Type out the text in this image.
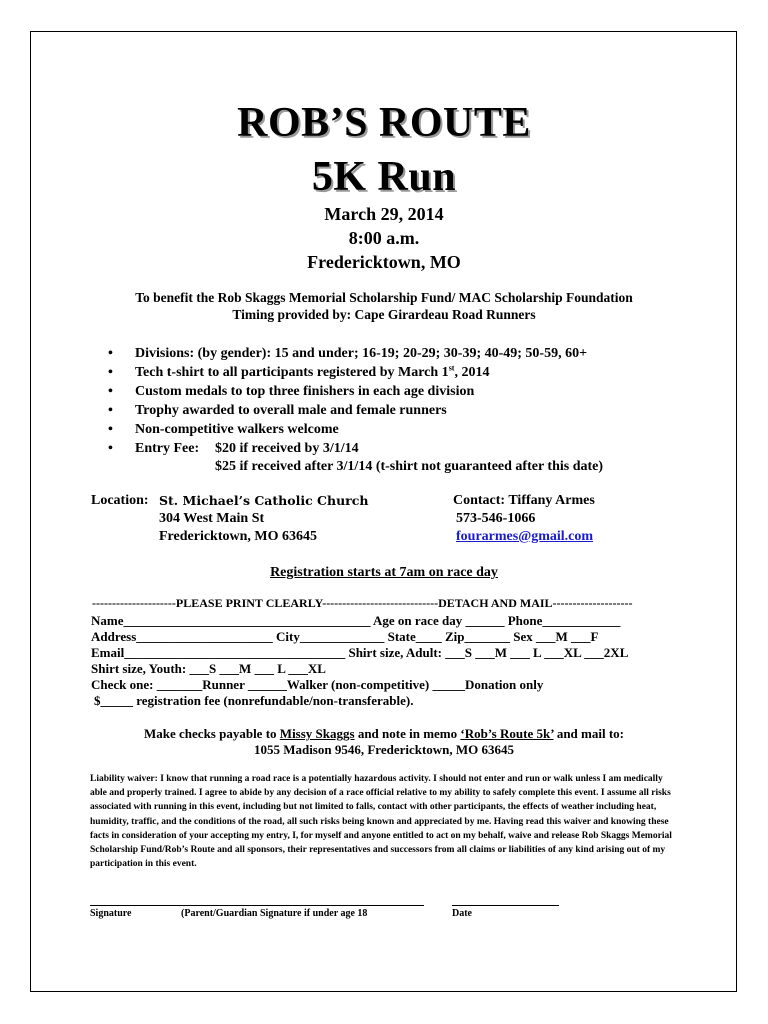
ROB’S ROUTE
5K Run
March 29, 2014
8:00 a.m.
Fredericktown, MO
To benefit the Rob Skaggs Memorial Scholarship Fund/ MAC Scholarship Foundation
Timing provided by: Cape Girardeau Road Runners
• Divisions: (by gender): 15 and under; 16-19; 20-29; 30-39; 40-49; 50-59, 60+
• Tech t-shirt to all participants registered by March 1st, 2014
• Custom medals to top three finishers in each age division
• Trophy awarded to overall male and female runners
• Non-competitive walkers welcome
• Entry Fee: $20 if received by 3/1/14
$25 if received after 3/1/14 (t-shirt not guaranteed after this date)
Location: St. Michael’s Catholic Church
304 West Main St
Fredericktown, MO 63645
Contact: Tiffany Armes
573-546-1066
fourarmes@gmail.com
Registration starts at 7am on race day
---------------------PLEASE PRINT CLEARLY-----------------------------DETACH AND MAIL--------------------
Name______________________________________ Age on race day ______ Phone____________
Address_____________________ City_____________ State____ Zip_______ Sex ___M ___F
Email__________________________________ Shirt size, Adult: ___S ___M ___ L ___XL ___2XL
Shirt size, Youth: ___S ___M ___ L ___XL
Check one: _______Runner ______Walker (non-competitive) _____Donation only
$_____ registration fee (nonrefundable/non-transferable).
Make checks payable to Missy Skaggs and note in memo ‘Rob’s Route 5k’ and mail to:
1055 Madison 9546, Fredericktown, MO 63645
Liability waiver: I know that running a road race is a potentially hazardous activity. I should not enter and run or walk unless I am medically able and properly trained. I agree to abide by any decision of a race official relative to my ability to safely complete this event. I assume all risks associated with running in this event, including but not limited to falls, contact with other participants, the effects of weather including heat, humidity, traffic, and the conditions of the road, all such risks being known and appreciated by me. Having read this waiver and knowing these facts in consideration of your accepting my entry, I, for myself and anyone entitled to act on my behalf, waive and release Rob Skaggs Memorial Scholarship Fund/Rob’s Route and all sponsors, their representatives and successors from all claims or liabilities of any kind arising out of my participation in this event.
Signature	(Parent/Guardian Signature if under age 18	Date
